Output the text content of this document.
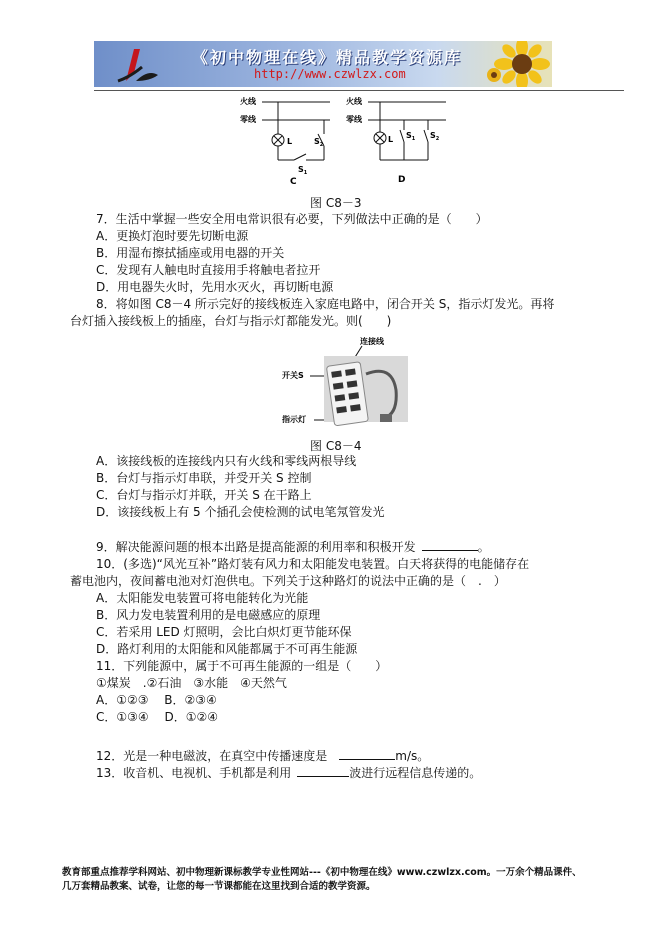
《初中物理在线》精品教学资源库
http://www.czwlzx.com
火线
零线
L	$S_2$
$S_1$
C
火线
零线
L $S_1$ $S_2$
D
图 C8－3
7．生活中掌握一些安全用电常识很有必要，下列做法中正确的是（　　）
A．更换灯泡时要先切断电源
B．用湿布擦拭插座或用电器的开关
C．发现有人触电时直接用手将触电者拉开
D．用电器失火时，先用水灭火，再切断电源
8．将如图 C8－4 所示完好的接线板连入家庭电路中，闭合开关 S，指示灯发光。再将
台灯插入接线板上的插座，台灯与指示灯都能发光。则(　　)
连接线
开关S
指示灯
图 C8－4
A．该接线板的连接线内只有火线和零线两根导线
B．台灯与指示灯串联，并受开关 S 控制
C．台灯与指示灯并联，开关 S 在干路上
D．该接线板上有 5 个插孔会使检测的试电笔氖管发光
9．解决能源问题的根本出路是提高能源的利用率和积极开发	。
10．(多选)“风光互补”路灯装有风力和太阳能发电装置。白天将获得的电能储存在
蓄电池内，夜间蓄电池对灯泡供电。下列关于这种路灯的说法中正确的是（　.　）
A．太阳能发电装置可将电能转化为光能
B．风力发电装置利用的是电磁感应的原理
C．若采用 LED 灯照明，会比白炽灯更节能环保
D．路灯利用的太阳能和风能都属于不可再生能源
11．下列能源中，属于不可再生能源的一组是（　　）
①煤炭　.②石油　③水能　④天然气
A．①②③　 B．②③④
C．①③④　 D．①②④
12．光是一种电磁波，在真空中传播速度是	m/s。
13．收音机、电视机、手机都是利用	波进行远程信息传递的。
教育部重点推荐学科网站、初中物理新课标教学专业性网站---《初中物理在线》www.czwlzx.com。一万余个精品课件、
几万套精品教案、试卷，让您的每一节课都能在这里找到合适的教学资源。
